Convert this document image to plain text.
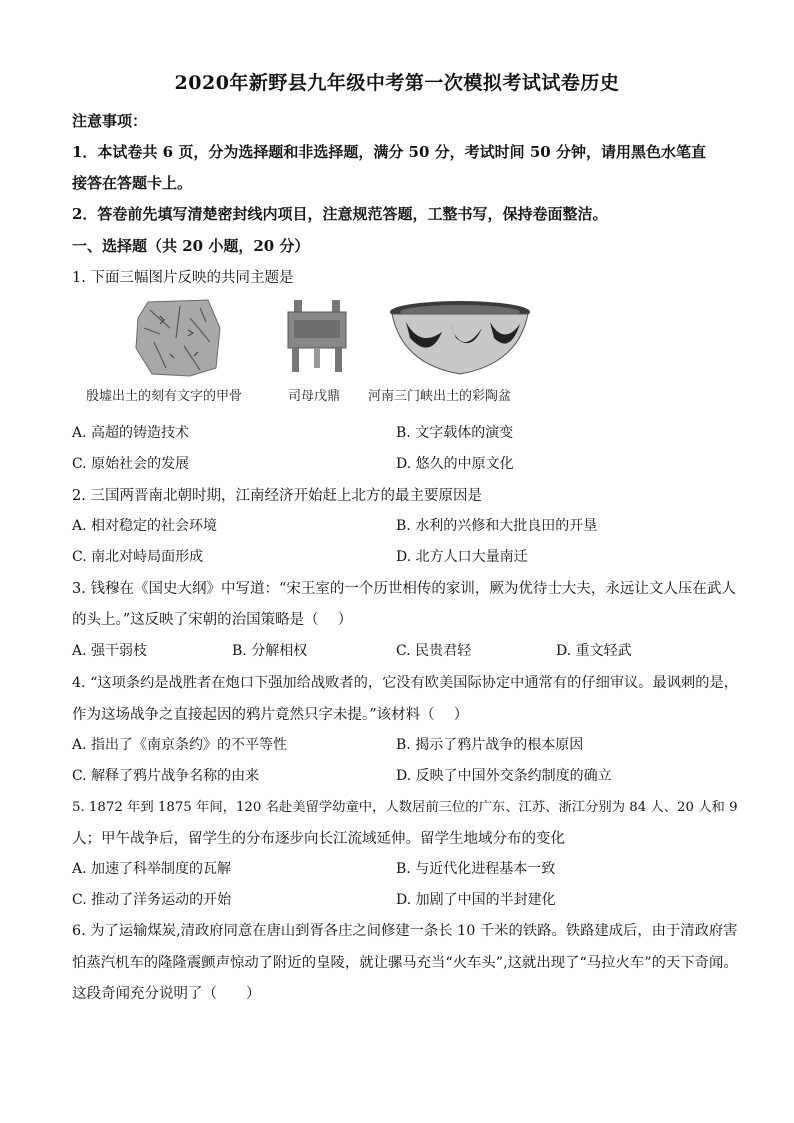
2020年新野县九年级中考第一次模拟考试试卷历史
注意事项：
1．本试卷共 6 页，分为选择题和非选择题，满分 50 分，考试时间 50 分钟，请用黑色水笔直
接答在答题卡上。
2．答卷前先填写清楚密封线内项目，注意规范答题，工整书写，保持卷面整洁。
一、选择题（共 20 小题，20 分）
1. 下面三幅图片反映的共同主题是
殷墟出土的刻有文字的甲骨	司母戊鼎 河南三门峡出土的彩陶盆
A. 高超的铸造技术	B. 文字载体的演变
C. 原始社会的发展	D. 悠久的中原文化
2. 三国两晋南北朝时期，江南经济开始赶上北方的最主要原因是
A. 相对稳定的社会环境	B. 水利的兴修和大批良田的开垦
C. 南北对峙局面形成	D. 北方人口大量南迁
3. 钱穆在《国史大纲》中写道：“宋王室的一个历世相传的家训，厥为优待士大夫，永远让文人压在武人
的头上。”这反映了宋朝的治国策略是（　 ）
A. 强干弱枝	B. 分解相权	C. 民贵君轻	D. 重文轻武
4. “这项条约是战胜者在炮口下强加给战败者的，它没有欧美国际协定中通常有的仔细审议。最讽刺的是，
作为这场战争之直接起因的鸦片竟然只字未提。”该材料（　 ）
A. 指出了《南京条约》的不平等性	B. 揭示了鸦片战争的根本原因
C. 解释了鸦片战争名称的由来	D. 反映了中国外交条约制度的确立
5. 1872 年到 1875 年间，120 名赴美留学幼童中，人数居前三位的广东、江苏、浙江分别为 84 人、20 人和 9
人；甲午战争后，留学生的分布逐步向长江流域延伸。留学生地域分布的变化
A. 加速了科举制度的瓦解	B. 与近代化进程基本一致
C. 推动了洋务运动的开始	D. 加剧了中国的半封建化
6. 为了运输煤炭,清政府同意在唐山到胥各庄之间修建一条长 10 千米的铁路。铁路建成后，由于清政府害
怕蒸汽机车的隆隆震颤声惊动了附近的皇陵，就让骡马充当“火车头”,这就出现了“马拉火车”的天下奇闻。
这段奇闻充分说明了（　　）
